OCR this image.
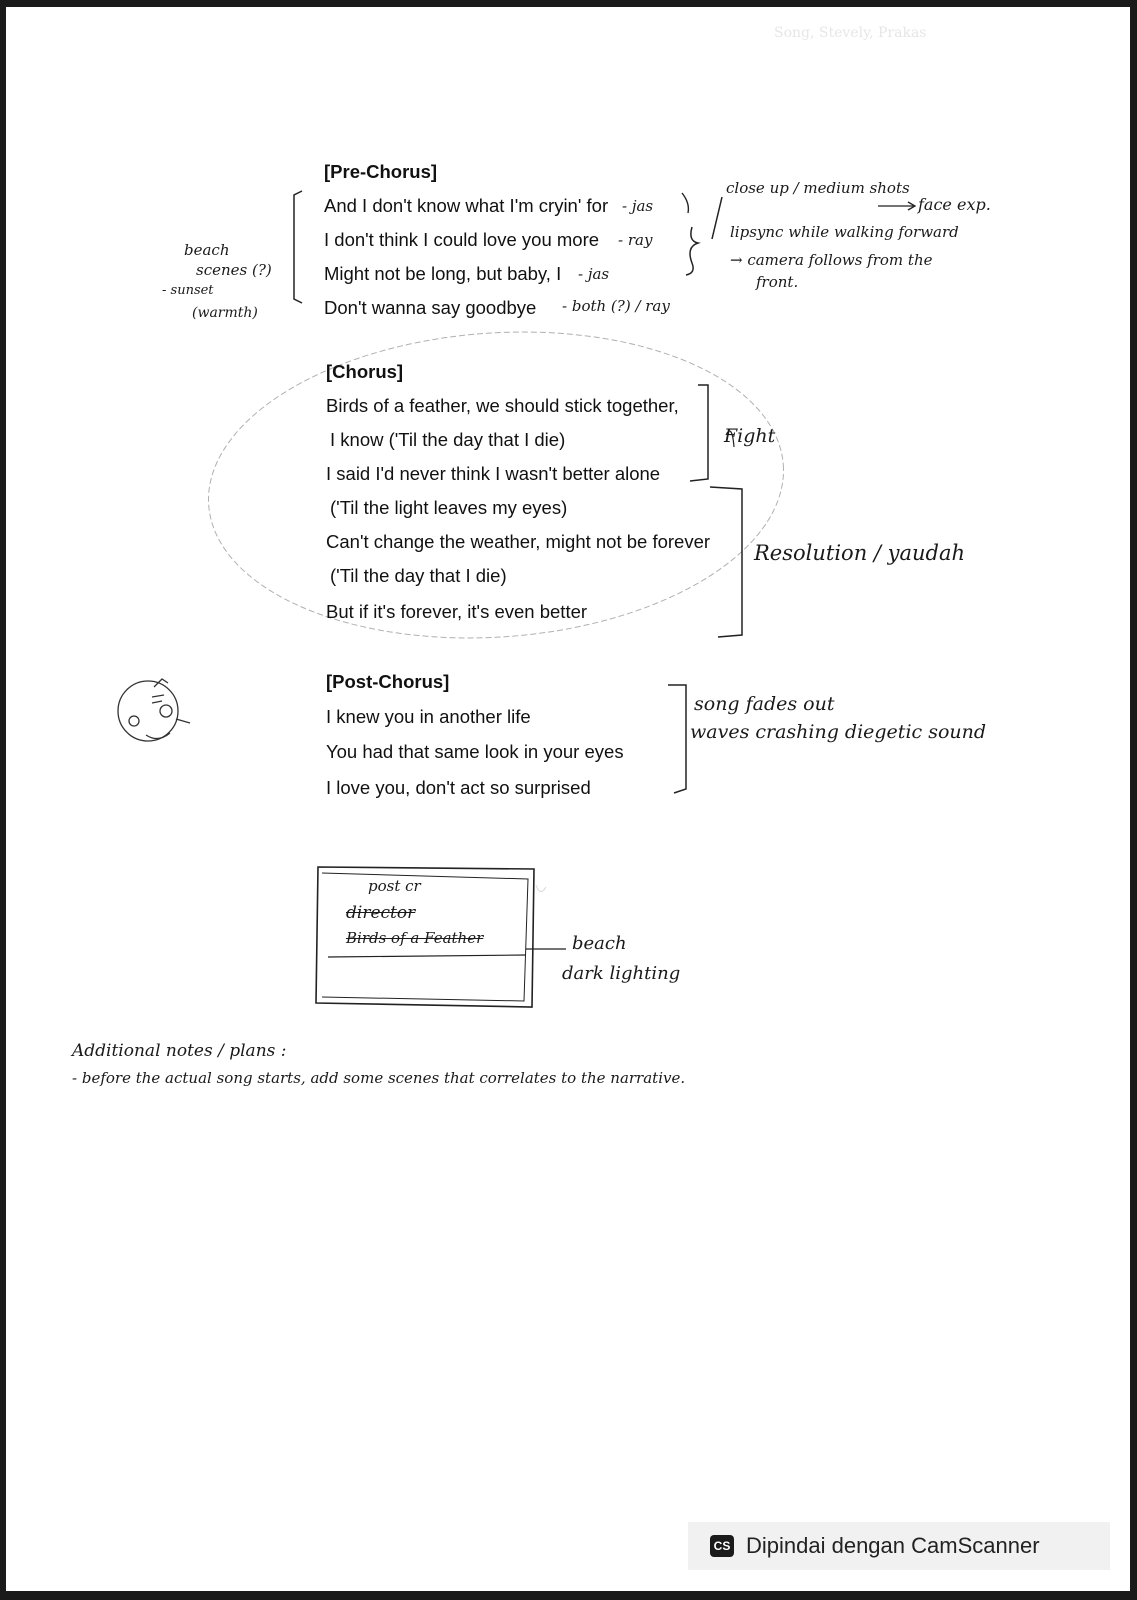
Song, Stevely, Prakas
[Pre-Chorus]
And I don't know what I'm cryin' for
I don't think I could love you more
Might not be long, but baby, I
Don't wanna say goodbye
- jas
- ray
- jas
- both (?) / ray
beach
scenes (?)
- sunset
(warmth)
close up / medium shots
face exp.
lipsync while walking forward
→ camera follows from the
front.
[Chorus]
Birds of a feather, we should stick together,
I know ('Til the day that I die)
I said I'd never think I wasn't better alone
('Til the light leaves my eyes)
Can't change the weather, might not be forever
('Til the day that I die)
But if it's forever, it's even better
Fight
Resolution / yaudah
[Post-Chorus]
I knew you in another life
You had that same look in your eyes
I love you, don't act so surprised
song fades out
waves crashing diegetic sound
post cr
director
Birds of a Feather	beach
dark lighting
Additional notes / plans :
- before the actual song starts, add some scenes that correlates to the narrative.
CS Dipindai dengan CamScanner
